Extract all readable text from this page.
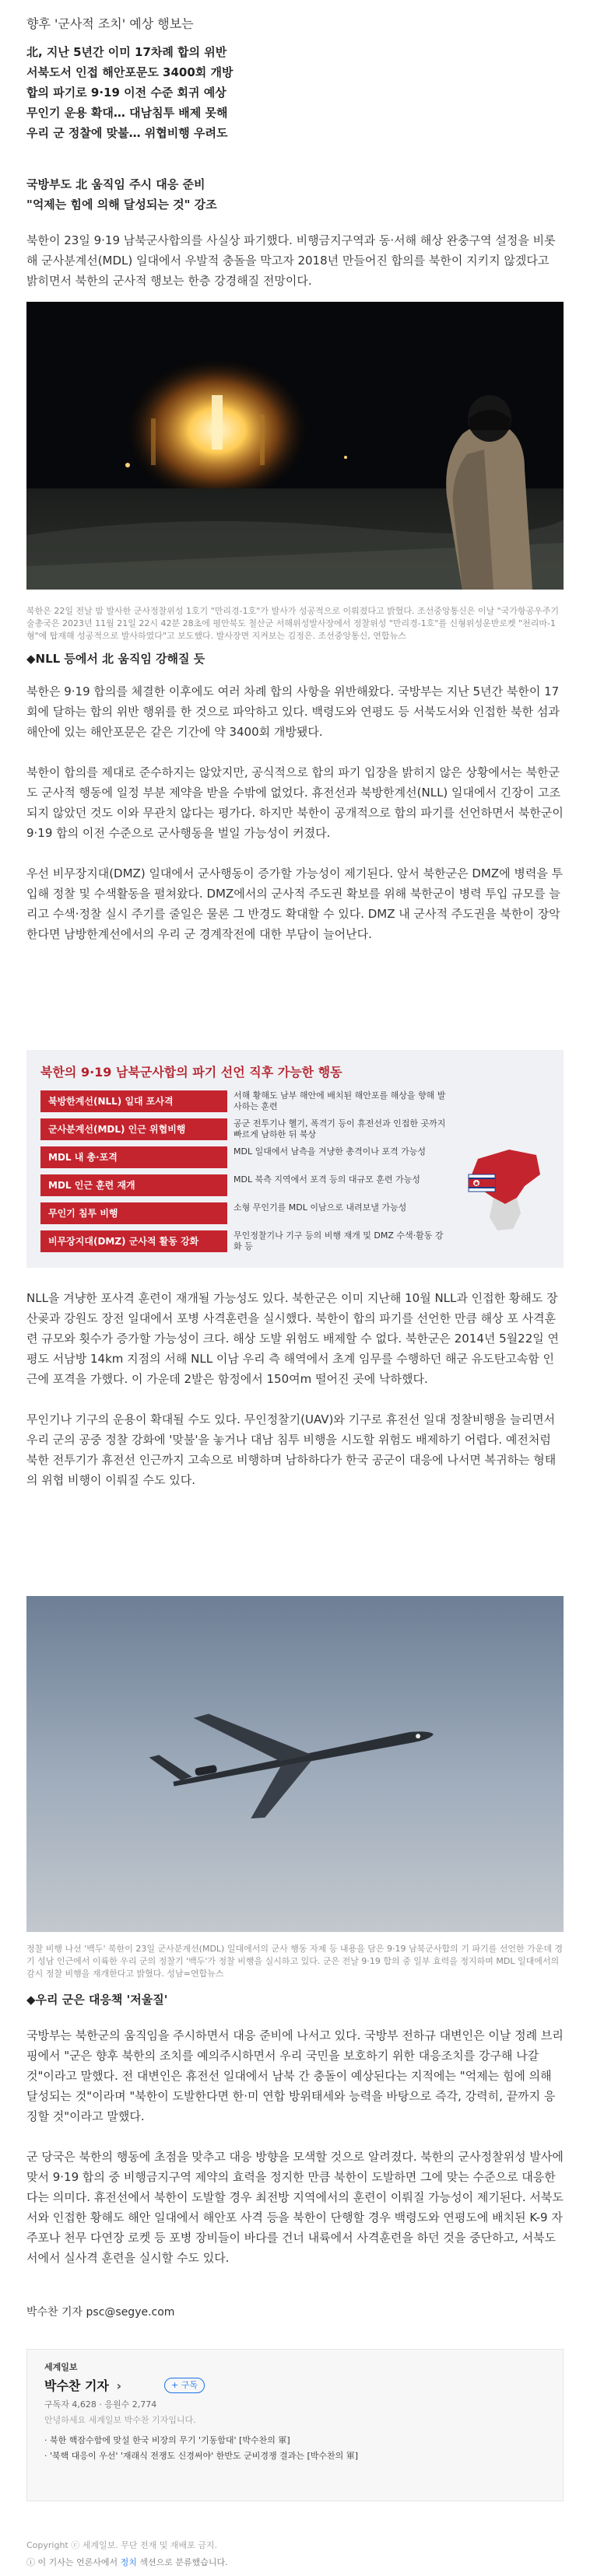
향후 '군사적 조치' 예상 행보는
北, 지난 5년간 이미 17차례 합의 위반
서북도서 인접 해안포문도 3400회 개방
합의 파기로 9·19 이전 수준 회귀 예상
무인기 운용 확대… 대남침투 배제 못해
우리 군 정찰에 맞불… 위협비행 우려도
국방부도 北 움직임 주시 대응 준비
"억제는 힘에 의해 달성되는 것" 강조
북한이 23일 9·19 남북군사합의를 사실상 파기했다. 비행금지구역과 동·서해 해상 완충구역 설정을 비롯해 군사분계선(MDL) 일대에서 우발적 충돌을 막고자 2018년 만들어진 합의를 북한이 지키지 않겠다고 밝히면서 북한의 군사적 행보는 한층 강경해질 전망이다.
북한은 22일 전날 밤 발사한 군사정찰위성 1호기 "만리경-1호"가 발사가 성공적으로 이뤄졌다고 밝혔다. 조선중앙통신은 이날 "국가항공우주기술총국은 2023년 11월 21일 22시 42분 28초에 평안북도 철산군 서해위성발사장에서 정찰위성 "만리경-1호"를 신형위성운반로켓 "천리마-1형"에 탑재해 성공적으로 발사하였다"고 보도했다. 발사장면 지켜보는 김정은. 조선중앙통신, 연합뉴스
◆NLL 등에서 北 움직임 강해질 듯

북한은 9·19 합의를 체결한 이후에도 여러 차례 합의 사항을 위반해왔다. 국방부는 지난 5년간 북한이 17회에 달하는 합의 위반 행위를 한 것으로 파악하고 있다. 백령도와 연평도 등 서북도서와 인접한 북한 섬과 해안에 있는 해안포문은 같은 기간에 약 3400회 개방됐다.

북한이 합의를 제대로 준수하지는 않았지만, 공식적으로 합의 파기 입장을 밝히지 않은 상황에서는 북한군도 군사적 행동에 일정 부분 제약을 받을 수밖에 없었다. 휴전선과 북방한계선(NLL) 일대에서 긴장이 고조되지 않았던 것도 이와 무관치 않다는 평가다. 하지만 북한이 공개적으로 합의 파기를 선언하면서 북한군이 9·19 합의 이전 수준으로 군사행동을 벌일 가능성이 커졌다.

우선 비무장지대(DMZ) 일대에서 군사행동이 증가할 가능성이 제기된다. 앞서 북한군은 DMZ에 병력을 투입해 정찰 및 수색활동을 펼쳐왔다. DMZ에서의 군사적 주도권 확보를 위해 북한군이 병력 투입 규모를 늘리고 수색·정찰 실시 주기를 줄일은 물론 그 반경도 확대할 수 있다. DMZ 내 군사적 주도권을 북한이 장악한다면 남방한계선에서의 우리 군 경계작전에 대한 부담이 늘어난다.

북한의 9·19 남북군사합의 파기 선언 직후 가능한 행동
북방한계선(NLL) 일대 포사격
서해 황해도 남부 해안에 배치된 해안포를 해상을 향해 발사하는 훈련
군사분계선(MDL) 인근 위협비행
공군 전투기나 헬기, 폭격기 등이 휴전선과 인접한 곳까지 빠르게 남하한 뒤 북상
MDL 내 총·포격
MDL 일대에서 남측을 겨냥한 총격이나 포격 가능성
MDL 인근 훈련 재개
MDL 북측 지역에서 포격 등의 대규모 훈련 가능성
무인기 침투 비행
소형 무인기를 MDL 이남으로 내려보낼 가능성
비무장지대(DMZ) 군사적 활동 강화
무인정찰기나 기구 등의 비행 재개 및 DMZ 수색·활동 강화 등

NLL을 겨냥한 포사격 훈련이 재개될 가능성도 있다. 북한군은 이미 지난해 10월 NLL과 인접한 황해도 장산곶과 강원도 장전 일대에서 포병 사격훈련을 실시했다. 북한이 합의 파기를 선언한 만큼 해상 포 사격훈련 규모와 횟수가 증가할 가능성이 크다. 해상 도발 위험도 배제할 수 없다. 북한군은 2014년 5월22일 연평도 서남방 14km 지점의 서해 NLL 이남 우리 측 해역에서 초계 임무를 수행하던 해군 유도탄고속함 인근에 포격을 가했다. 이 가운데 2발은 함정에서 150여m 떨어진 곳에 낙하했다.

무인기나 기구의 운용이 확대될 수도 있다. 무인정찰기(UAV)와 기구로 휴전선 일대 정찰비행을 늘리면서 우리 군의 공중 정찰 강화에 '맞불'을 놓거나 대남 침투 비행을 시도할 위험도 배제하기 어렵다. 예전처럼 북한 전투기가 휴전선 인근까지 고속으로 비행하며 남하하다가 한국 공군이 대응에 나서면 복귀하는 형태의 위협 비행이 이뤄질 수도 있다.

정찰 비행 나선 '백두' 북한이 23일 군사분계선(MDL) 일대에서의 군사 행동 자제 등 내용을 담은 9·19 남북군사합의 기 파기를 선언한 가운데 경기 성남 인근에서 이륙한 우리 군의 정찰기 '백두'가 정찰 비행을 실시하고 있다. 군은 전날 9·19 합의 중 일부 효력을 정지하며 MDL 일대에서의 감시 정찰 비행을 재개한다고 밝혔다. 성남=연합뉴스
◆우리 군은 대응책 '저울질'

국방부는 북한군의 움직임을 주시하면서 대응 준비에 나서고 있다. 국방부 전하규 대변인은 이날 정례 브리핑에서 "군은 향후 북한의 조치를 예의주시하면서 우리 국민을 보호하기 위한 대응조치를 강구해 나갈 것"이라고 말했다. 전 대변인은 휴전선 일대에서 남북 간 충돌이 예상된다는 지적에는 "억제는 힘에 의해 달성되는 것"이라며 "북한이 도발한다면 한·미 연합 방위태세와 능력을 바탕으로 즉각, 강력히, 끝까지 응징할 것"이라고 말했다.

군 당국은 북한의 행동에 초점을 맞추고 대응 방향을 모색할 것으로 알려졌다. 북한의 군사정찰위성 발사에 맞서 9·19 합의 중 비행금지구역 제약의 효력을 정지한 만큼 북한이 도발하면 그에 맞는 수준으로 대응한다는 의미다. 휴전선에서 북한이 도발할 경우 최전방 지역에서의 훈련이 이뤄질 가능성이 제기된다. 서북도서와 인접한 황해도 해안 일대에서 해안포 사격 등을 북한이 단행할 경우 백령도와 연평도에 배치된 K-9 자주포나 천무 다연장 로켓 등 포병 장비들이 바다를 건너 내륙에서 사격훈련을 하던 것을 중단하고, 서북도서에서 실사격 훈련을 실시할 수도 있다.

박수찬 기자 psc@segye.com
세계일보
박수찬 기자 ›	+ 구독
구독자 4,628 · 응원수 2,774
안녕하세요 세계일보 박수찬 기자입니다.
· 북한 핵잠수함에 맞설 한국 비장의 무기 '기동함대' [박수찬의 軍]
· '북핵 대응이 우선' '재래식 전쟁도 신경써야' 한반도 군비경쟁 결과는 [박수찬의 軍]
Copyright ⓒ 세계일보. 무단 전재 및 재배포 금지.
ⓘ 이 기사는 언론사에서 정치 섹션으로 분류했습니다.
